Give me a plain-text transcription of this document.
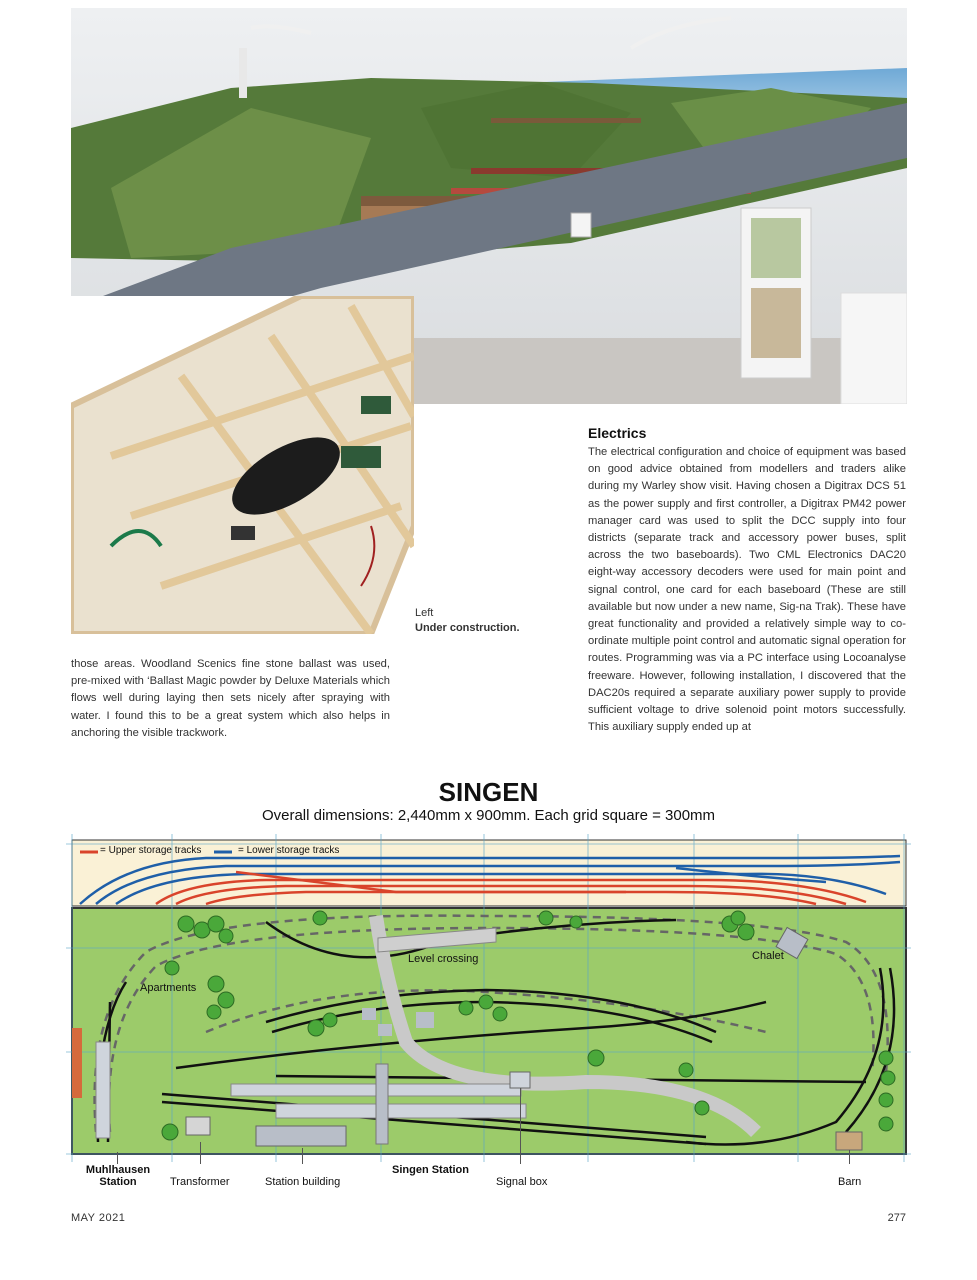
Left
Under construction.
Electrics
The electrical configuration and choice of equipment was based on good advice obtained from modellers and traders alike during my Warley show visit. Having chosen a Digitrax DCS 51 as the power supply and first controller, a Digitrax PM42 power manager card was used to split the DCC supply into four districts (separate track and accessory power buses, split across the two baseboards). Two CML Electronics DAC20 eight-way accessory decoders were used for main point and signal control, one card for each baseboard (These are still available but now under a new name, Sig-na Trak). These have great functionality and provided a relatively simple way to co-ordinate multiple point control and automatic signal operation for routes. Programming was via a PC interface using Locoanalyse freeware. However, following installation, I discovered that the DAC20s required a separate auxiliary power supply to provide sufficient voltage to drive solenoid point motors successfully. This auxiliary supply ended up at
those areas. Woodland Scenics fine stone ballast was used, pre-mixed with ‘Ballast Magic powder by Deluxe Materials which flows well during laying then sets nicely after spraying with water. I found this to be a great system which also helps in anchoring the visible trackwork.
SINGEN
Overall dimensions: 2,440mm x 900mm. Each grid square = 300mm
= Upper storage tracks	= Lower storage tracks
Level crossing	Chalet
Apartments
Muhlhausen
Station	Transformer	Station building
Singen Station
Signal box	Barn
MAY 2021	277
